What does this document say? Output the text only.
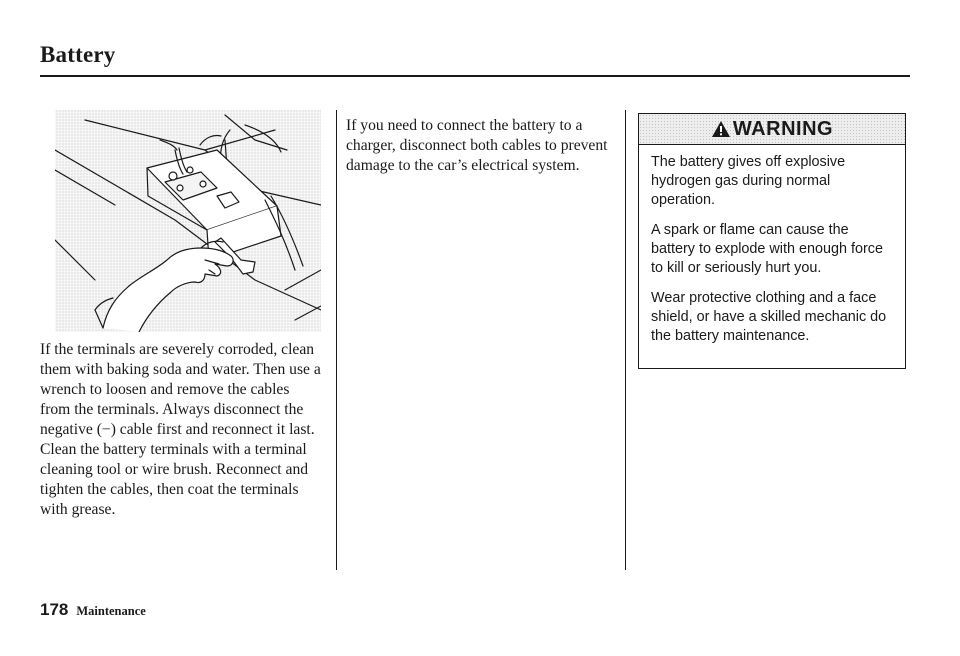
Battery

If the terminals are severely corroded, clean them with baking soda and water. Then use a wrench to loosen and remove the cables from the terminals. Always disconnect the negative (−) cable first and reconnect it last. Clean the battery terminals with a terminal cleaning tool or wire brush. Reconnect and tighten the cables, then coat the terminals with grease.

If you need to connect the battery to a charger, disconnect both cables to prevent damage to the car’s electrical system.

WARNING

The battery gives off explosive hydrogen gas during normal operation.

A spark or flame can cause the battery to explode with enough force to kill or seriously hurt you.

Wear protective clothing and a face shield, or have a skilled mechanic do the battery maintenance.

178 Maintenance
